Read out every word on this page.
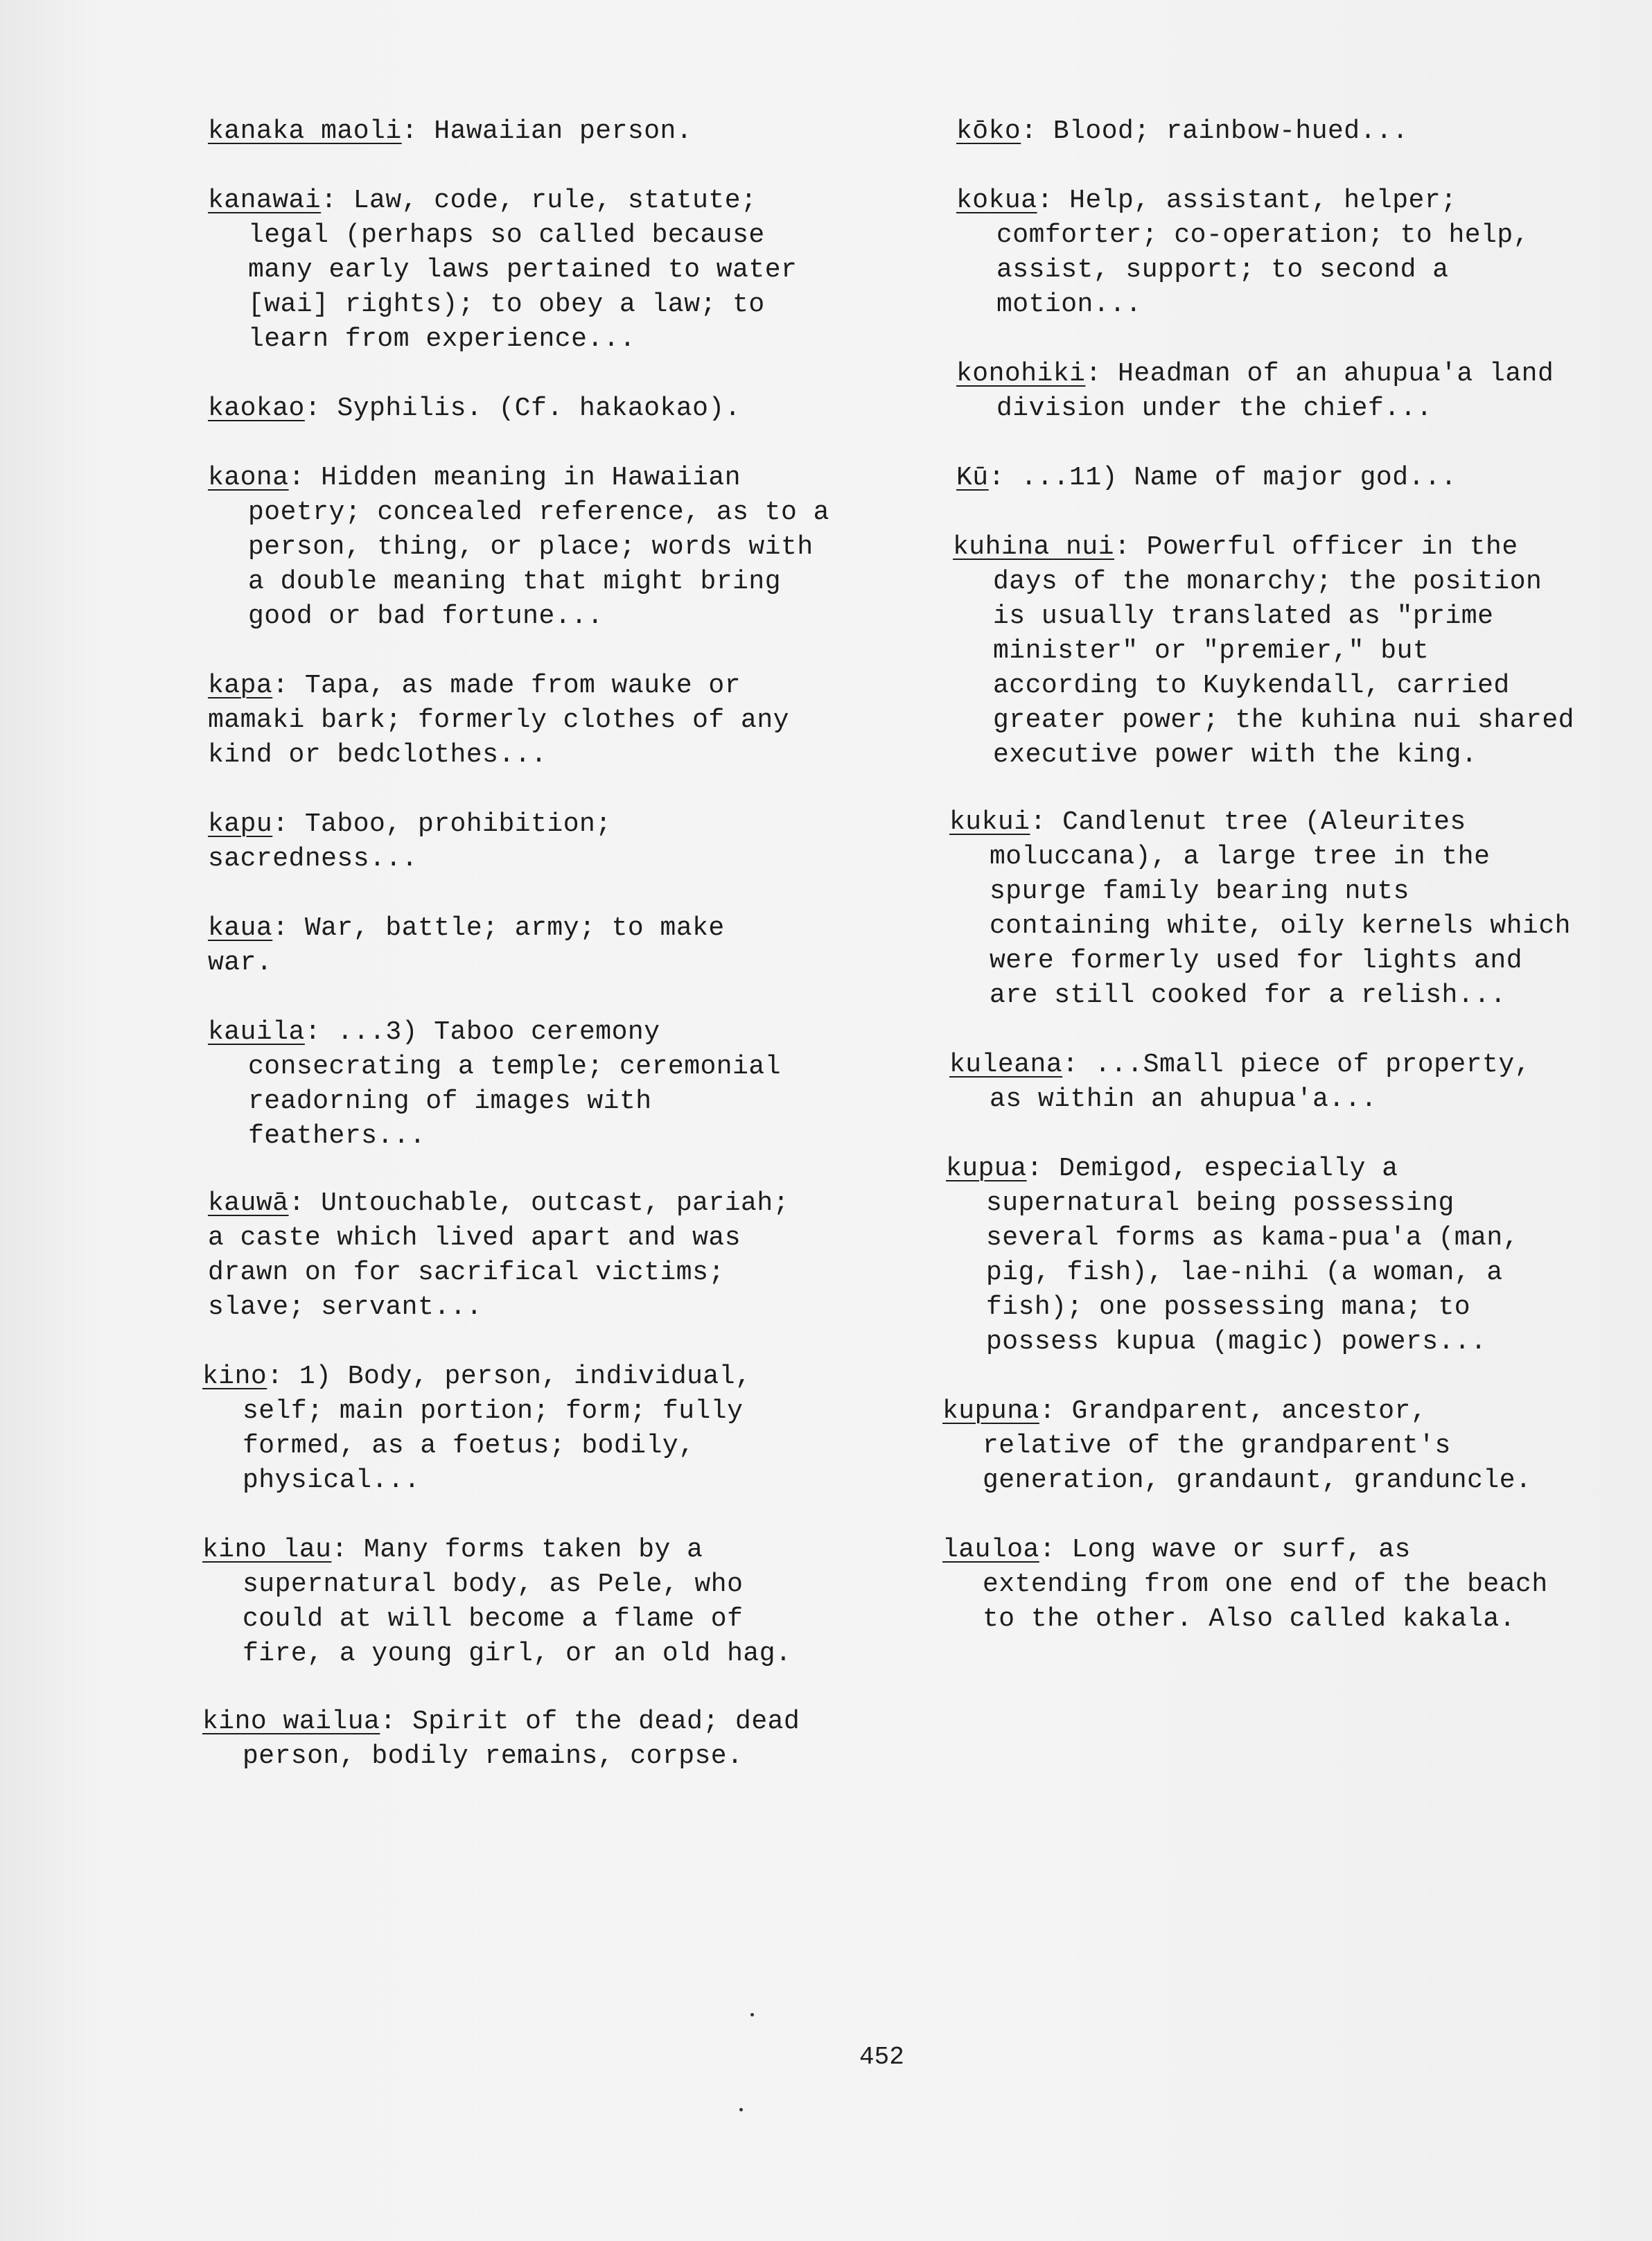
kanaka maoli: Hawaiian person.
kanawai: Law, code, rule, statute;
legal (perhaps so called because
many early laws pertained to water
[wai] rights); to obey a law; to
learn from experience...
kaokao: Syphilis. (Cf. hakaokao).
kaona: Hidden meaning in Hawaiian
poetry; concealed reference, as to a
person, thing, or place; words with
a double meaning that might bring
good or bad fortune...
kapa: Tapa, as made from wauke or
mamaki bark; formerly clothes of any
kind or bedclothes...
kapu: Taboo, prohibition;
sacredness...
kaua: War, battle; army; to make
war.
kauila: ...3) Taboo ceremony
consecrating a temple; ceremonial
readorning of images with
feathers...
kauwā: Untouchable, outcast, pariah;
a caste which lived apart and was
drawn on for sacrifical victims;
slave; servant...
kino: 1) Body, person, individual,
self; main portion; form; fully
formed, as a foetus; bodily,
physical...
kino lau: Many forms taken by a
supernatural body, as Pele, who
could at will become a flame of
fire, a young girl, or an old hag.
kino wailua: Spirit of the dead; dead
person, bodily remains, corpse.
kōko: Blood; rainbow-hued...
kokua: Help, assistant, helper;
comforter; co-operation; to help,
assist, support; to second a
motion...
konohiki: Headman of an ahupua'a land
division under the chief...
Kū: ...11) Name of major god...
kuhina nui: Powerful officer in the
days of the monarchy; the position
is usually translated as "prime
minister" or "premier," but
according to Kuykendall, carried
greater power; the kuhina nui shared
executive power with the king.
kukui: Candlenut tree (Aleurites
moluccana), a large tree in the
spurge family bearing nuts
containing white, oily kernels which
were formerly used for lights and
are still cooked for a relish...
kuleana: ...Small piece of property,
as within an ahupua'a...
kupua: Demigod, especially a
supernatural being possessing
several forms as kama-pua'a (man,
pig, fish), lae-nihi (a woman, a
fish); one possessing mana; to
possess kupua (magic) powers...
kupuna: Grandparent, ancestor,
relative of the grandparent's
generation, grandaunt, granduncle.
lauloa: Long wave or surf, as
extending from one end of the beach
to the other. Also called kakala.
452
